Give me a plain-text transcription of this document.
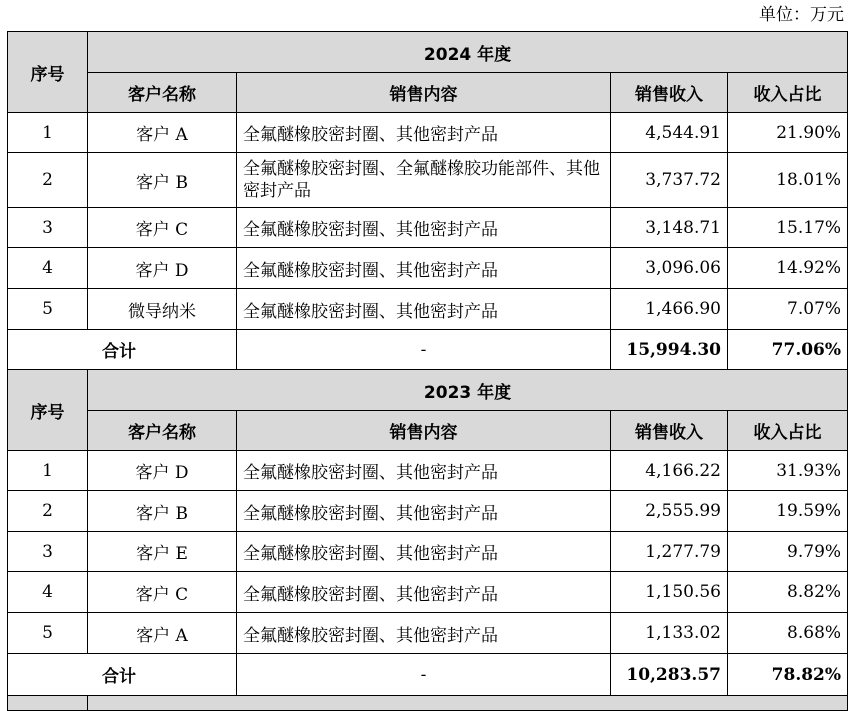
单位：万元
序号	2024 年度			
	客户名称	销售内容	销售收入	收入占比
1	客户 A	全氟醚橡胶密封圈、其他密封产品	4,544.91	21.90%
2	客户 B	全氟醚橡胶密封圈、全氟醚橡胶功能部件、其他密封产品	3,737.72	18.01%
3	客户 C	全氟醚橡胶密封圈、其他密封产品	3,148.71	15.17%
4	客户 D	全氟醚橡胶密封圈、其他密封产品	3,096.06	14.92%
5	微导纳米	全氟醚橡胶密封圈、其他密封产品	1,466.90	7.07%
合计		-	15,994.30	77.06%
序号	2023 年度			
	客户名称	销售内容	销售收入	收入占比
1	客户 D	全氟醚橡胶密封圈、其他密封产品	4,166.22	31.93%
2	客户 B	全氟醚橡胶密封圈、其他密封产品	2,555.99	19.59%
3	客户 E	全氟醚橡胶密封圈、其他密封产品	1,277.79	9.79%
4	客户 C	全氟醚橡胶密封圈、其他密封产品	1,150.56	8.82%
5	客户 A	全氟醚橡胶密封圈、其他密封产品	1,133.02	8.68%
合计		-	10,283.57	78.82%
